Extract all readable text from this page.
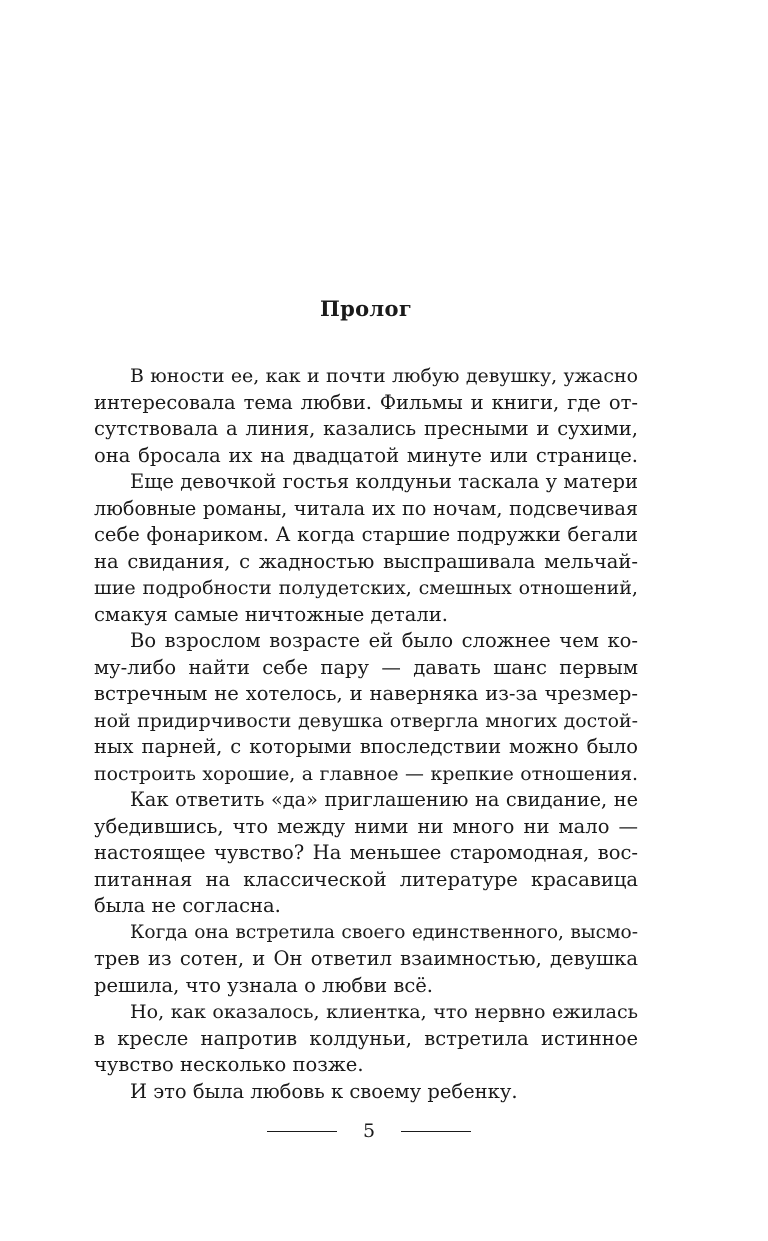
Пролог
В юности ее, как и почти любую девушку, ужасно
интересовала тема любви. Фильмы и книги, где от-
сутствовала а линия, казались пресными и сухими,
она бросала их на двадцатой минуте или странице.
Еще девочкой гостья колдуньи таскала у матери
любовные романы, читала их по ночам, подсвечивая
себе фонариком. А когда старшие подружки бегали
на свидания, с жадностью выспрашивала мельчай-
шие подробности полудетских, смешных отношений,
смакуя самые ничтожные детали.
Во взрослом возрасте ей было сложнее чем ко-
му-либо найти себе пару — давать шанс первым
встречным не хотелось, и наверняка из-за чрезмер-
ной придирчивости девушка отвергла многих достой-
ных парней, с которыми впоследствии можно было
построить хорошие, а главное — крепкие отношения.
Как ответить «да» приглашению на свидание, не
убедившись, что между ними ни много ни мало —
настоящее чувство? На меньшее старомодная, вос-
питанная на классической литературе красавица
была не согласна.
Когда она встретила своего единственного, высмо-
трев из сотен, и Он ответил взаимностью, девушка
решила, что узнала о любви всё.
Но, как оказалось, клиентка, что нервно ежилась
в кресле напротив колдуньи, встретила истинное
чувство несколько позже.
И это была любовь к своему ребенку.
5
